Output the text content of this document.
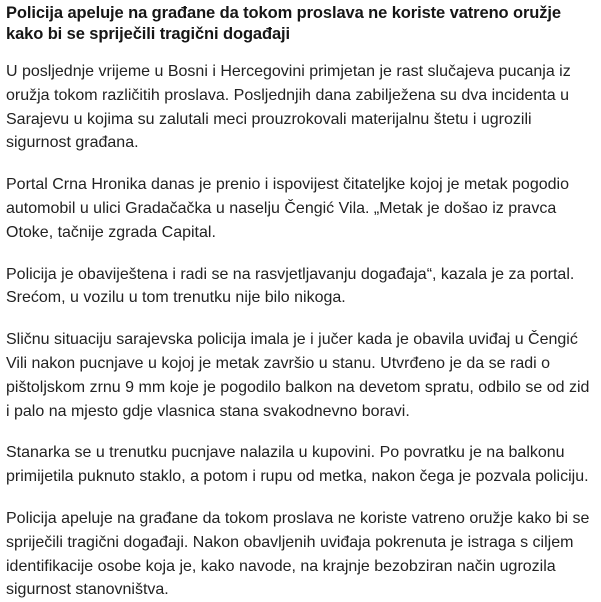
Policija apeluje na građane da tokom proslava ne koriste vatreno oružje kako bi se spriječili tragični događaji

U posljednje vrijeme u Bosni i Hercegovini primjetan je rast slučajeva pucanja iz oružja tokom različitih proslava. Posljednjih dana zabilježena su dva incidenta u Sarajevu u kojima su zalutali meci prouzrokovali materijalnu štetu i ugrozili sigurnost građana.

Portal Crna Hronika danas je prenio i ispovijest čitateljke kojoj je metak pogodio automobil u ulici Gradačačka u naselju Čengić Vila. „Metak je došao iz pravca Otoke, tačnije zgrada Capital.

Policija je obaviještena i radi se na rasvjetljavanju događaja“, kazala je za portal. Srećom, u vozilu u tom trenutku nije bilo nikoga.

Sličnu situaciju sarajevska policija imala je i jučer kada je obavila uviđaj u Čengić Vili nakon pucnjave u kojoj je metak završio u stanu. Utvrđeno je da se radi o pištoljskom zrnu 9 mm koje je pogodilo balkon na devetom spratu, odbilo se od zid i palo na mjesto gdje vlasnica stana svakodnevno boravi.

Stanarka se u trenutku pucnjave nalazila u kupovini. Po povratku je na balkonu primijetila puknuto staklo, a potom i rupu od metka, nakon čega je pozvala policiju.

Policija apeluje na građane da tokom proslava ne koriste vatreno oružje kako bi se spriječili tragični događaji. Nakon obavljenih uviđaja pokrenuta je istraga s ciljem identifikacije osobe koja je, kako navode, na krajnje bezobziran način ugrozila sigurnost stanovništva.
